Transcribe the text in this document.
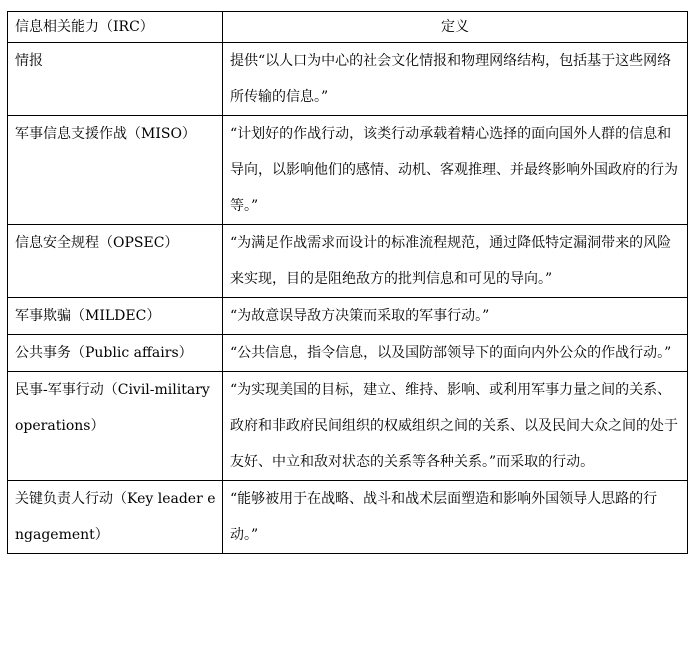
信息相关能力（IRC）	定义
情报	提供“以人口为中心的社会文化情报和物理网络结构，包括基于这些网络所传输的信息。”
军事信息支援作战（MISO）	“计划好的作战行动，该类行动承载着精心选择的面向国外人群的信息和导向，以影响他们的感情、动机、客观推理、并最终影响外国政府的行为等。”
信息安全规程（OPSEC）	“为满足作战需求而设计的标准流程规范，通过降低特定漏洞带来的风险来实现，目的是阻绝敌方的批判信息和可见的导向。”
军事欺骗（MILDEC）	“为故意误导敌方决策而采取的军事行动。”
公共事务（Public affairs）	“公共信息，指令信息，以及国防部领导下的面向内外公众的作战行动。”
民事-军事行动（Civil-military operations）	“为实现美国的目标，建立、维持、影响、或利用军事力量之间的关系、政府和非政府民间组织的权威组织之间的关系、以及民间大众之间的处于友好、中立和敌对状态的关系等各种关系。”而采取的行动。
关键负责人行动（Key leader engagement）	“能够被用于在战略、战斗和战术层面塑造和影响外国领导人思路的行动。”
